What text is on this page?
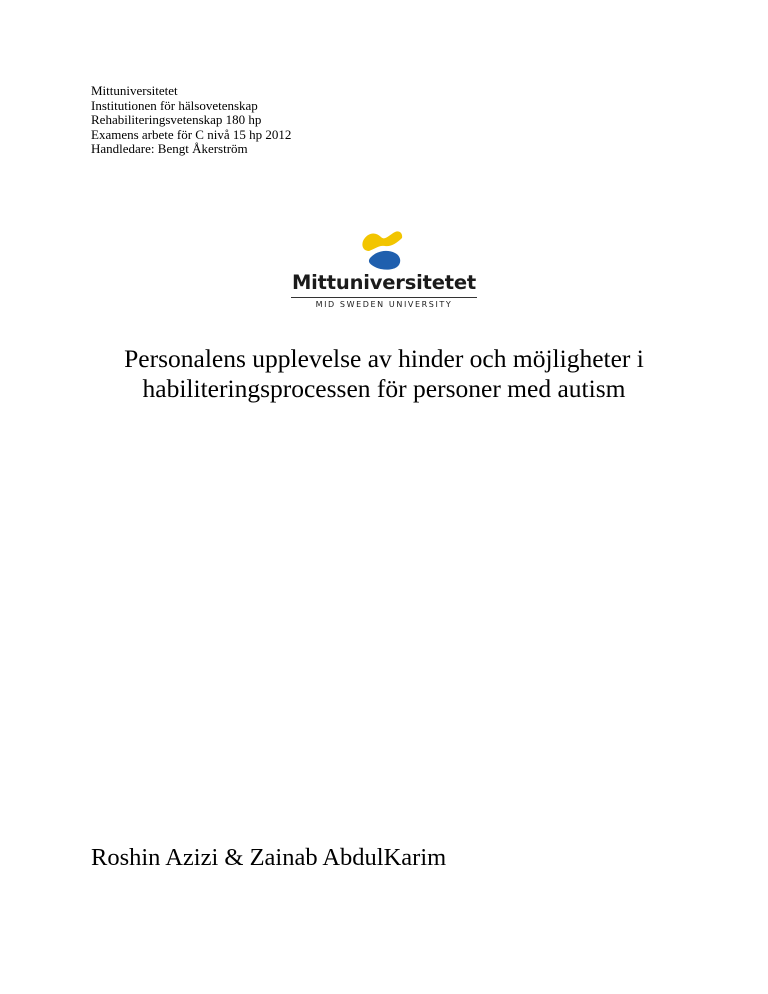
Mittuniversitetet
Institutionen för hälsovetenskap
Rehabiliteringsvetenskap 180 hp
Examens arbete för C nivå 15 hp 2012
Handledare: Bengt Åkerström
Mittuniversitetet
MID SWEDEN UNIVERSITY
Personalens upplevelse av hinder och möjligheter i
habiliteringsprocessen för personer med autism
Roshin Azizi & Zainab AbdulKarim
